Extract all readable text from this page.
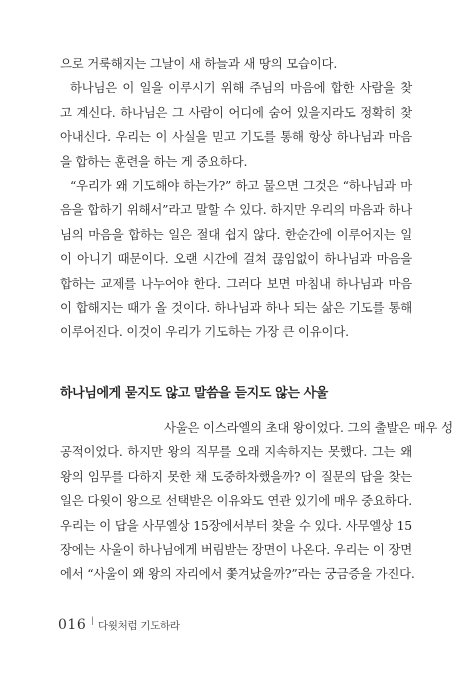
으로 거룩해지는 그날이 새 하늘과 새 땅의 모습이다.

하나님은 이 일을 이루시기 위해 주님의 마음에 합한 사람을 찾

고 계신다. 하나님은 그 사람이 어디에 숨어 있을지라도 정확히 찾

아내신다. 우리는 이 사실을 믿고 기도를 통해 항상 하나님과 마음

을 합하는 훈련을 하는 게 중요하다.

“우리가 왜 기도해야 하는가?” 하고 물으면 그것은 “하나님과 마

음을 합하기 위해서”라고 말할 수 있다. 하지만 우리의 마음과 하나

님의 마음을 합하는 일은 절대 쉽지 않다. 한순간에 이루어지는 일

이 아니기 때문이다. 오랜 시간에 걸쳐 끊임없이 하나님과 마음을

합하는 교제를 나누어야 한다. 그러다 보면 마침내 하나님과 마음

이 합해지는 때가 올 것이다. 하나님과 하나 되는 삶은 기도를 통해

이루어진다. 이것이 우리가 기도하는 가장 큰 이유이다.

하나님에게 묻지도 않고 말씀을 듣지도 않는 사울

사울은 이스라엘의 초대 왕이었다. 그의 출발은 매우 성

공적이었다. 하지만 왕의 직무를 오래 지속하지는 못했다. 그는 왜

왕의 임무를 다하지 못한 채 도중하차했을까? 이 질문의 답을 찾는

일은 다윗이 왕으로 선택받은 이유와도 연관 있기에 매우 중요하다.

우리는 이 답을 사무엘상 15장에서부터 찾을 수 있다. 사무엘상 15

장에는 사울이 하나님에게 버림받는 장면이 나온다. 우리는 이 장면

에서 “사울이 왜 왕의 자리에서 쫓겨났을까?”라는 궁금증을 가진다.

016 | 다윗처럼 기도하라
